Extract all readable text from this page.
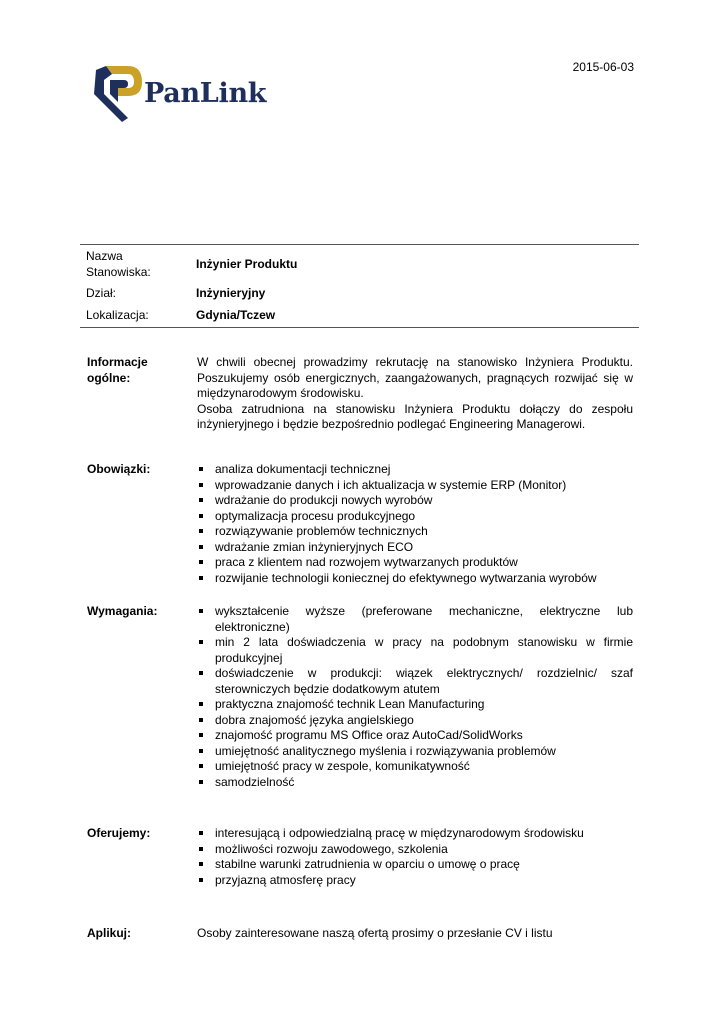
2015-06-03
PanLink
Nazwa Stanowiska:	Inżynier Produktu
Dział:	Inżynieryjny
Lokalizacja:	Gdynia/Tczew
Informacje ogólne:

W chwili obecnej prowadzimy rekrutację na stanowisko Inżyniera Produktu. Poszukujemy osób energicznych, zaangażowanych, pragnących rozwijać się w międzynarodowym środowisku.

Osoba zatrudniona na stanowisku Inżyniera Produktu dołączy do zespołu inżynieryjnego i będzie bezpośrednio podlegać Engineering Managerowi.

Obowiązki:	analiza dokumentacji technicznej
wprowadzanie danych i ich aktualizacja w systemie ERP (Monitor)
wdrażanie do produkcji nowych wyrobów
optymalizacja procesu produkcyjnego
rozwiązywanie problemów technicznych
wdrażanie zmian inżynieryjnych ECO
praca z klientem nad rozwojem wytwarzanych produktów
rozwijanie technologii koniecznej do efektywnego wytwarzania wyrobów
Wymagania:	wykształcenie wyższe (preferowane mechaniczne, elektryczne lub elektroniczne)
min 2 lata doświadczenia w pracy na podobnym stanowisku w firmie produkcyjnej
doświadczenie w produkcji: wiązek elektrycznych/ rozdzielnic/ szaf sterowniczych będzie dodatkowym atutem
praktyczna znajomość technik Lean Manufacturing
dobra znajomość języka angielskiego
znajomość programu MS Office oraz AutoCad/SolidWorks
umiejętność analitycznego myślenia i rozwiązywania problemów
umiejętność pracy w zespole, komunikatywność
samodzielność
Oferujemy:	interesującą i odpowiedzialną pracę w międzynarodowym środowisku
możliwości rozwoju zawodowego, szkolenia
stabilne warunki zatrudnienia w oparciu o umowę o pracę
przyjazną atmosferę pracy
Aplikuj:	Osoby zainteresowane naszą ofertą prosimy o przesłanie CV i listu
